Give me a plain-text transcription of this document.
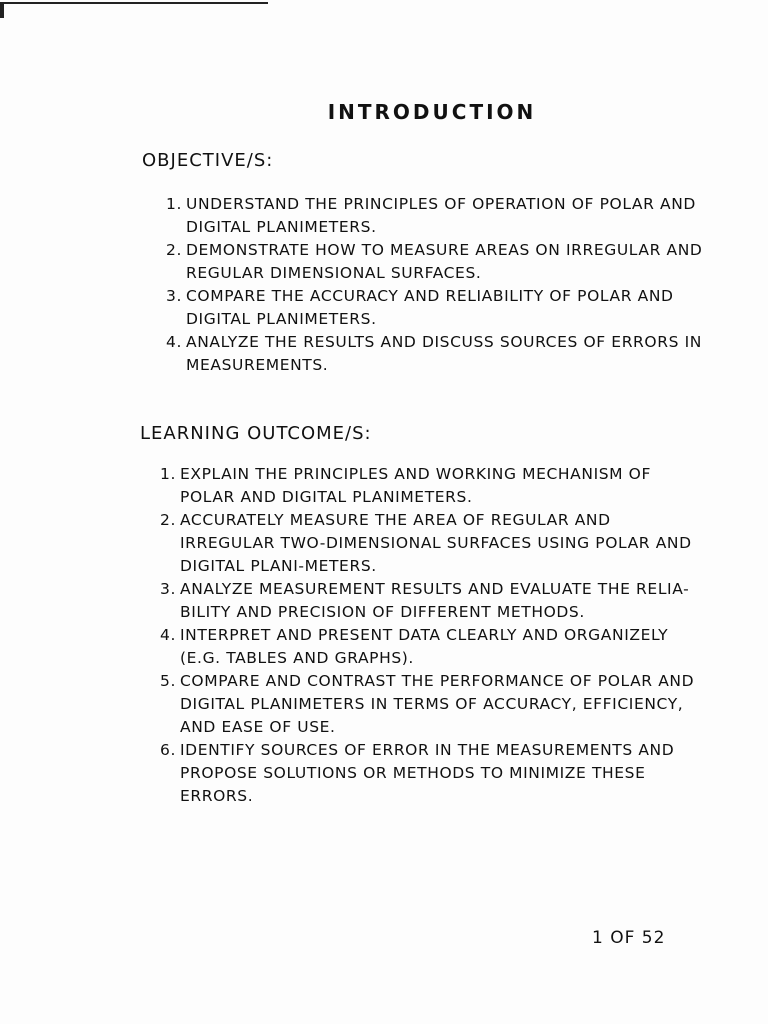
INTRODUCTION
OBJECTIVE/S:
1. UNDERSTAND THE PRINCIPLES OF OPERATION OF POLAR AND DIGITAL PLANIMETERS.
2. DEMONSTRATE HOW TO MEASURE AREAS ON IRREGULAR AND REGULAR DIMENSIONAL SURFACES.
3. COMPARE THE ACCURACY AND RELIABILITY OF POLAR AND DIGITAL PLANIMETERS.
4. ANALYZE THE RESULTS AND DISCUSS SOURCES OF ERRORS IN MEASUREMENTS.
LEARNING OUTCOME/S:
1. EXPLAIN THE PRINCIPLES AND WORKING MECHANISM OF POLAR AND DIGITAL PLANIMETERS.
2. ACCURATELY MEASURE THE AREA OF REGULAR AND IRREGULAR TWO-DIMENSIONAL SURFACES USING POLAR AND DIGITAL PLANI-METERS.
3. ANALYZE MEASUREMENT RESULTS AND EVALUATE THE RELIA-BILITY AND PRECISION OF DIFFERENT METHODS.
4. INTERPRET AND PRESENT DATA CLEARLY AND ORGANIZELY (E.G. TABLES AND GRAPHS).
5. COMPARE AND CONTRAST THE PERFORMANCE OF POLAR AND DIGITAL PLANIMETERS IN TERMS OF ACCURACY, EFFICIENCY, AND EASE OF USE.
6. IDENTIFY SOURCES OF ERROR IN THE MEASUREMENTS AND PROPOSE SOLUTIONS OR METHODS TO MINIMIZE THESE ERRORS.
1 OF 52
